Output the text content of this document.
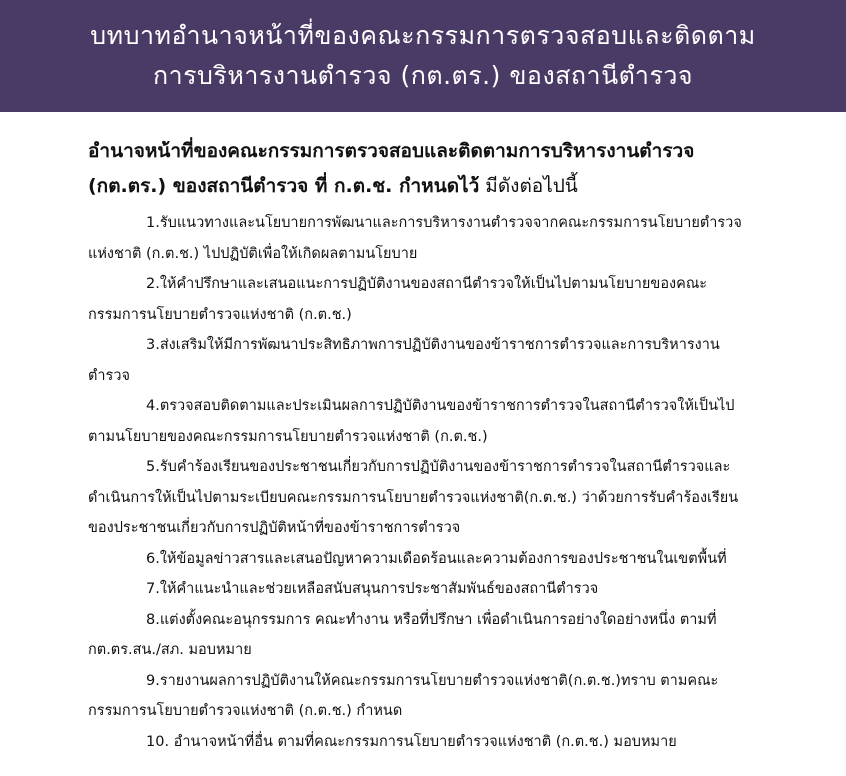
บทบาทอำนาจหน้าที่ของคณะกรรมการตรวจสอบและติดตาม
การบริหารงานตำรวจ (กต.ตร.) ของสถานีตำรวจ

อำนาจหน้าที่ของคณะกรรมการตรวจสอบและติดตามการบริหารงานตำรวจ (กต.ตร.) ของสถานีตำรวจ ที่ ก.ต.ช. กำหนดไว้ มีดังต่อไปนี้

1.รับแนวทางและนโยบายการพัฒนาและการบริหารงานตำรวจจากคณะกรรมการนโยบายตำรวจแห่งชาติ (ก.ต.ช.) ไปปฏิบัติเพื่อให้เกิดผลตามนโยบาย

2.ให้คำปรึกษาและเสนอแนะการปฏิบัติงานของสถานีตำรวจให้เป็นไปตามนโยบายของคณะกรรมการนโยบายตำรวจแห่งชาติ (ก.ต.ช.)

3.ส่งเสริมให้มีการพัฒนาประสิทธิภาพการปฏิบัติงานของข้าราชการตำรวจและการบริหารงานตำรวจ

4.ตรวจสอบติดตามและประเมินผลการปฏิบัติงานของข้าราชการตำรวจในสถานีตำรวจให้เป็นไปตามนโยบายของคณะกรรมการนโยบายตำรวจแห่งชาติ (ก.ต.ช.)

5.รับคำร้องเรียนของประชาชนเกี่ยวกับการปฏิบัติงานของข้าราชการตำรวจในสถานีตำรวจและดำเนินการให้เป็นไปตามระเบียบคณะกรรมการนโยบายตำรวจแห่งชาติ(ก.ต.ช.) ว่าด้วยการรับคำร้องเรียนของประชาชนเกี่ยวกับการปฏิบัติหน้าที่ของข้าราชการตำรวจ

6.ให้ข้อมูลข่าวสารและเสนอปัญหาความเดือดร้อนและความต้องการของประชาชนในเขตพื้นที่

7.ให้คำแนะนำและช่วยเหลือสนับสนุนการประชาสัมพันธ์ของสถานีตำรวจ

8.แต่งตั้งคณะอนุกรรมการ คณะทำงาน หรือที่ปรึกษา เพื่อดำเนินการอย่างใดอย่างหนึ่ง ตามที่ กต.ตร.สน./สภ. มอบหมาย

9.รายงานผลการปฏิบัติงานให้คณะกรรมการนโยบายตำรวจแห่งชาติ(ก.ต.ช.)ทราบ ตามคณะกรรมการนโยบายตำรวจแห่งชาติ (ก.ต.ช.) กำหนด

10. อำนาจหน้าที่อื่น ตามที่คณะกรรมการนโยบายตำรวจแห่งชาติ (ก.ต.ช.) มอบหมาย
